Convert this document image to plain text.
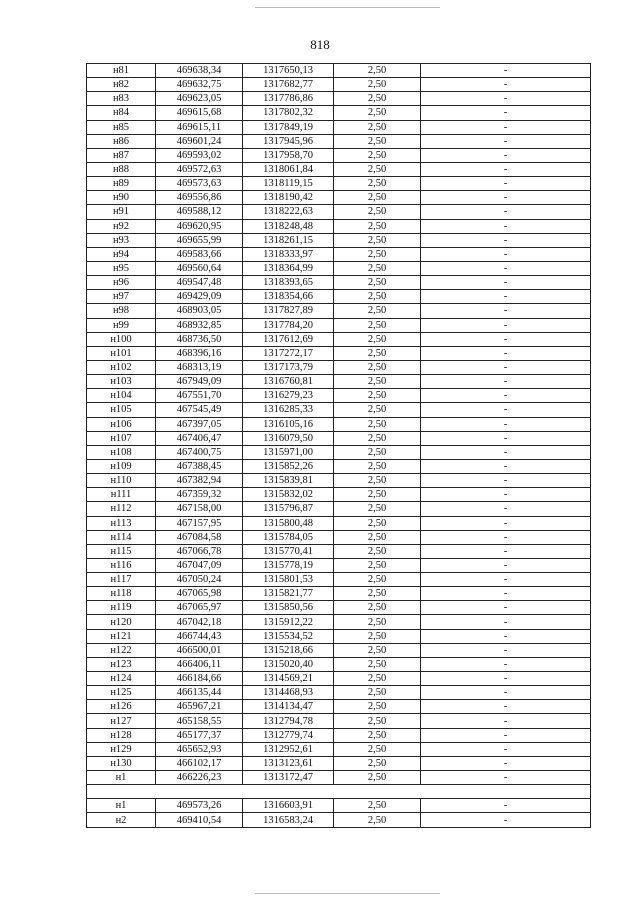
818
н81	469638,34	1317650,13	2,50	-
н82	469632,75	1317682,77	2,50	-
н83	469623,05	1317786,86	2,50	-
н84	469615,68	1317802,32	2,50	-
н85	469615,11	1317849,19	2,50	-
н86	469601,24	1317945,96	2,50	-
н87	469593,02	1317958,70	2,50	-
н88	469572,63	1318061,84	2,50	-
н89	469573,63	1318119,15	2,50	-
н90	469556,86	1318190,42	2,50	-
н91	469588,12	1318222,63	2,50	-
н92	469620,95	1318248,48	2,50	-
н93	469655,99	1318261,15	2,50	-
н94	469583,66	1318333,97	2,50	-
н95	469560,64	1318364,99	2,50	-
н96	469547,48	1318393,65	2,50	-
н97	469429,09	1318354,66	2,50	-
н98	468903,05	1317827,89	2,50	-
н99	468932,85	1317784,20	2,50	-
н100	468736,50	1317612,69	2,50	-
н101	468396,16	1317272,17	2,50	-
н102	468313,19	1317173,79	2,50	-
н103	467949,09	1316760,81	2,50	-
н104	467551,70	1316279,23	2,50	-
н105	467545,49	1316285,33	2,50	-
н106	467397,05	1316105,16	2,50	-
н107	467406,47	1316079,50	2,50	-
н108	467400,75	1315971,00	2,50	-
н109	467388,45	1315852,26	2,50	-
н110	467382,94	1315839,81	2,50	-
н111	467359,32	1315832,02	2,50	-
н112	467158,00	1315796,87	2,50	-
н113	467157,95	1315800,48	2,50	-
н114	467084,58	1315784,05	2,50	-
н115	467066,78	1315770,41	2,50	-
н116	467047,09	1315778,19	2,50	-
н117	467050,24	1315801,53	2,50	-
н118	467065,98	1315821,77	2,50	-
н119	467065,97	1315850,56	2,50	-
н120	467042,18	1315912,22	2,50	-
н121	466744,43	1315534,52	2,50	-
н122	466500,01	1315218,66	2,50	-
н123	466406,11	1315020,40	2,50	-
н124	466184,66	1314569,21	2,50	-
н125	466135,44	1314468,93	2,50	-
н126	465967,21	1314134,47	2,50	-
н127	465158,55	1312794,78	2,50	-
н128	465177,37	1312779,74	2,50	-
н129	465652,93	1312952,61	2,50	-
н130	466102,17	1313123,61	2,50	-
н1	466226,23	1313172,47	2,50	-

н1	469573,26	1316603,91	2,50	-
н2	469410,54	1316583,24	2,50	-
